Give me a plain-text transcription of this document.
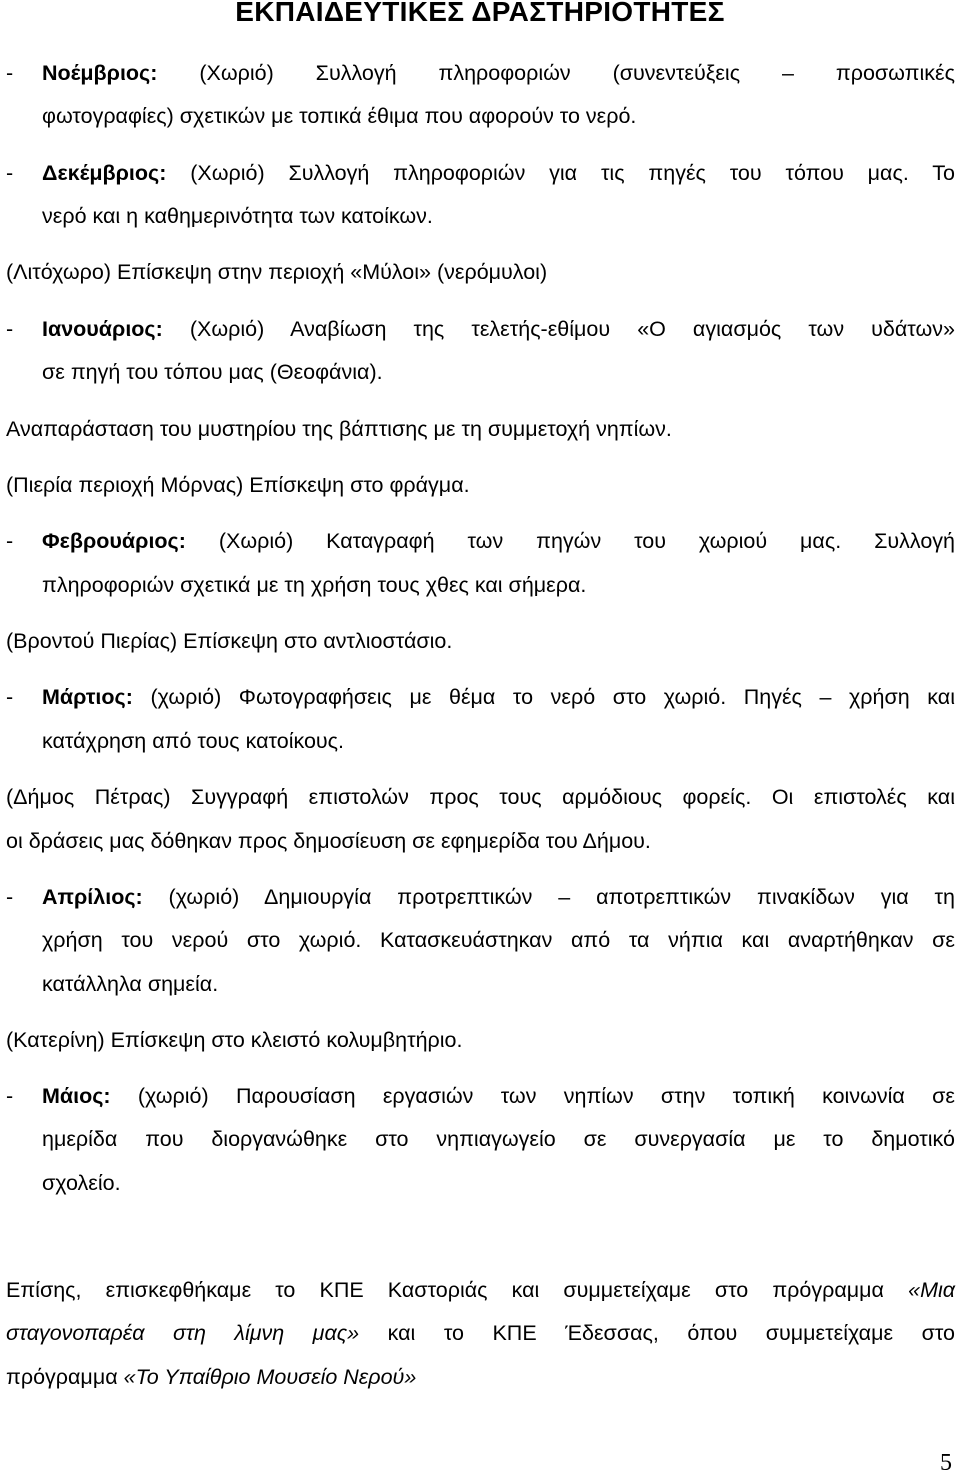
ΕΚΠΑΙΔΕΥΤΙΚΕΣ ΔΡΑΣΤΗΡΙΟΤΗΤΕΣ
- Νοέμβριος: (Χωριό) Συλλογή πληροφοριών (συνεντεύξεις – προσωπικές
φωτογραφίες) σχετικών με τοπικά έθιμα που αφορούν το νερό.
- Δεκέμβριος: (Χωριό) Συλλογή πληροφοριών για τις πηγές του τόπου μας. Το
νερό και η καθημερινότητα των κατοίκων.
(Λιτόχωρο) Επίσκεψη στην περιοχή «Μύλοι» (νερόμυλοι)
- Ιανουάριος: (Χωριό) Αναβίωση της τελετής-εθίμου «Ο αγιασμός των υδάτων»
σε πηγή του τόπου μας (Θεοφάνια).
Αναπαράσταση του μυστηρίου της βάπτισης με τη συμμετοχή νηπίων.
(Πιερία περιοχή Μόρνας) Επίσκεψη στο φράγμα.
- Φεβρουάριος: (Χωριό) Καταγραφή των πηγών του χωριού μας. Συλλογή
πληροφοριών σχετικά με τη χρήση τους χθες και σήμερα.
(Βροντού Πιερίας) Επίσκεψη στο αντλιοστάσιο.
- Μάρτιος: (χωριό) Φωτογραφήσεις με θέμα το νερό στο χωριό. Πηγές – χρήση και
κατάχρηση από τους κατοίκους.
(Δήμος Πέτρας) Συγγραφή επιστολών προς τους αρμόδιους φορείς. Οι επιστολές και
οι δράσεις μας δόθηκαν προς δημοσίευση σε εφημερίδα του Δήμου.
- Απρίλιος: (χωριό) Δημιουργία προτρεπτικών – αποτρεπτικών πινακίδων για τη
χρήση του νερού στο χωριό. Κατασκευάστηκαν από τα νήπια και αναρτήθηκαν σε
κατάλληλα σημεία.
(Κατερίνη) Επίσκεψη στο κλειστό κολυμβητήριο.
- Μάιος: (χωριό) Παρουσίαση εργασιών των νηπίων στην τοπική κοινωνία σε
ημερίδα που διοργανώθηκε στο νηπιαγωγείο σε συνεργασία με το δημοτικό
σχολείο.
Επίσης, επισκεφθήκαμε το ΚΠΕ Καστοριάς και συμμετείχαμε στο πρόγραμμα «Μια
σταγονοπαρέα στη λίμνη μας» και το ΚΠΕ Έδεσσας, όπου συμμετείχαμε στο
πρόγραμμα «Το Υπαίθριο Μουσείο Νερού»
5
